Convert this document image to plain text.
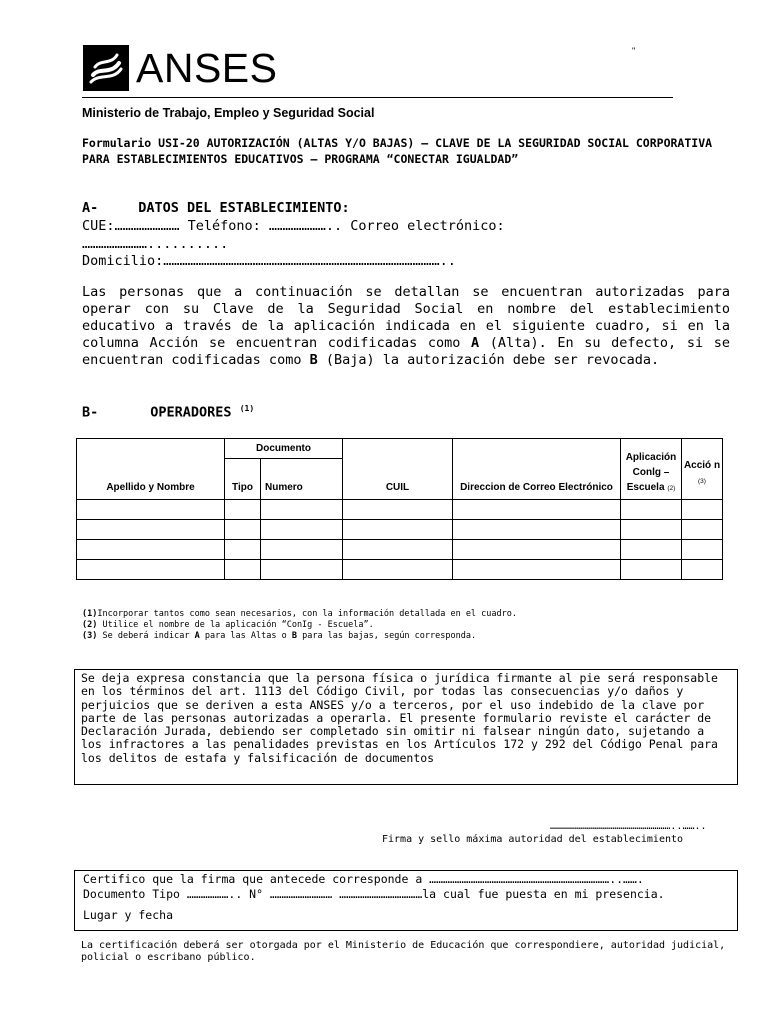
ANSES	"
Ministerio de Trabajo, Empleo y Seguridad Social
Formulario USI-20 AUTORIZACIÓN (ALTAS Y/O BAJAS) – CLAVE DE LA SEGURIDAD SOCIAL CORPORATIVA PARA ESTABLECIMIENTOS EDUCATIVOS – PROGRAMA “CONECTAR IGUALDAD”
A-	DATOS DEL ESTABLECIMIENTO:
CUE:…………………… Teléfono: ………………….. Correo electrónico:
……………………..........
Domicilio:…………………………………………………………………………………………..
Las personas que a continuación se detallan se encuentran autorizadas para operar con su Clave de la Seguridad Social en nombre del establecimiento educativo a través de la aplicación indicada en el siguiente cuadro, si en la columna Acción se encuentran codificadas como A (Alta). En su defecto, si se encuentran codificadas como B (Baja) la autorización debe ser revocada.
B-	OPERADORES $^{(1)}$
Apellido y Nombre	Documento		CUIL	Direccion de Correo Electrónico	Aplicación Conlg – Escuela (2)	Acció n (3)
	Tipo	Numero				

(1)Incorporar tantos como sean necesarios, con la información detallada en el cuadro.
(2) Utilice el nombre de la aplicación “ConIg - Escuela”.
(3) Se deberá indicar A para las Altas o B para las bajas, según corresponda.
Se deja expresa constancia que la persona física o jurídica firmante al pie será responsable en los términos del art. 1113 del Código Civil, por todas las consecuencias y/o daños y perjuicios que se deriven a esta ANSES y/o a terceros, por el uso indebido de la clave por parte de las personas autorizadas a operarla. El presente formulario reviste el carácter de Declaración Jurada, debiendo ser completado sin omitir ni falsear ningún dato, sujetando a los infractores a las penalidades previstas en los Artículos 172 y 292 del Código Penal para los delitos de estafa y falsificación de documentos
……………………………………………………..……..
Firma y sello máxima autoridad del establecimiento
Certifico que la firma que antecede corresponde a ……………………………………………………………………..…….
Documento Tipo ……………….. N° ……………………… ………………………………la cual fue puesta en mi presencia.
Lugar y fecha
La certificación deberá ser otorgada por el Ministerio de Educación que correspondiere, autoridad judicial, policial o escribano público.
